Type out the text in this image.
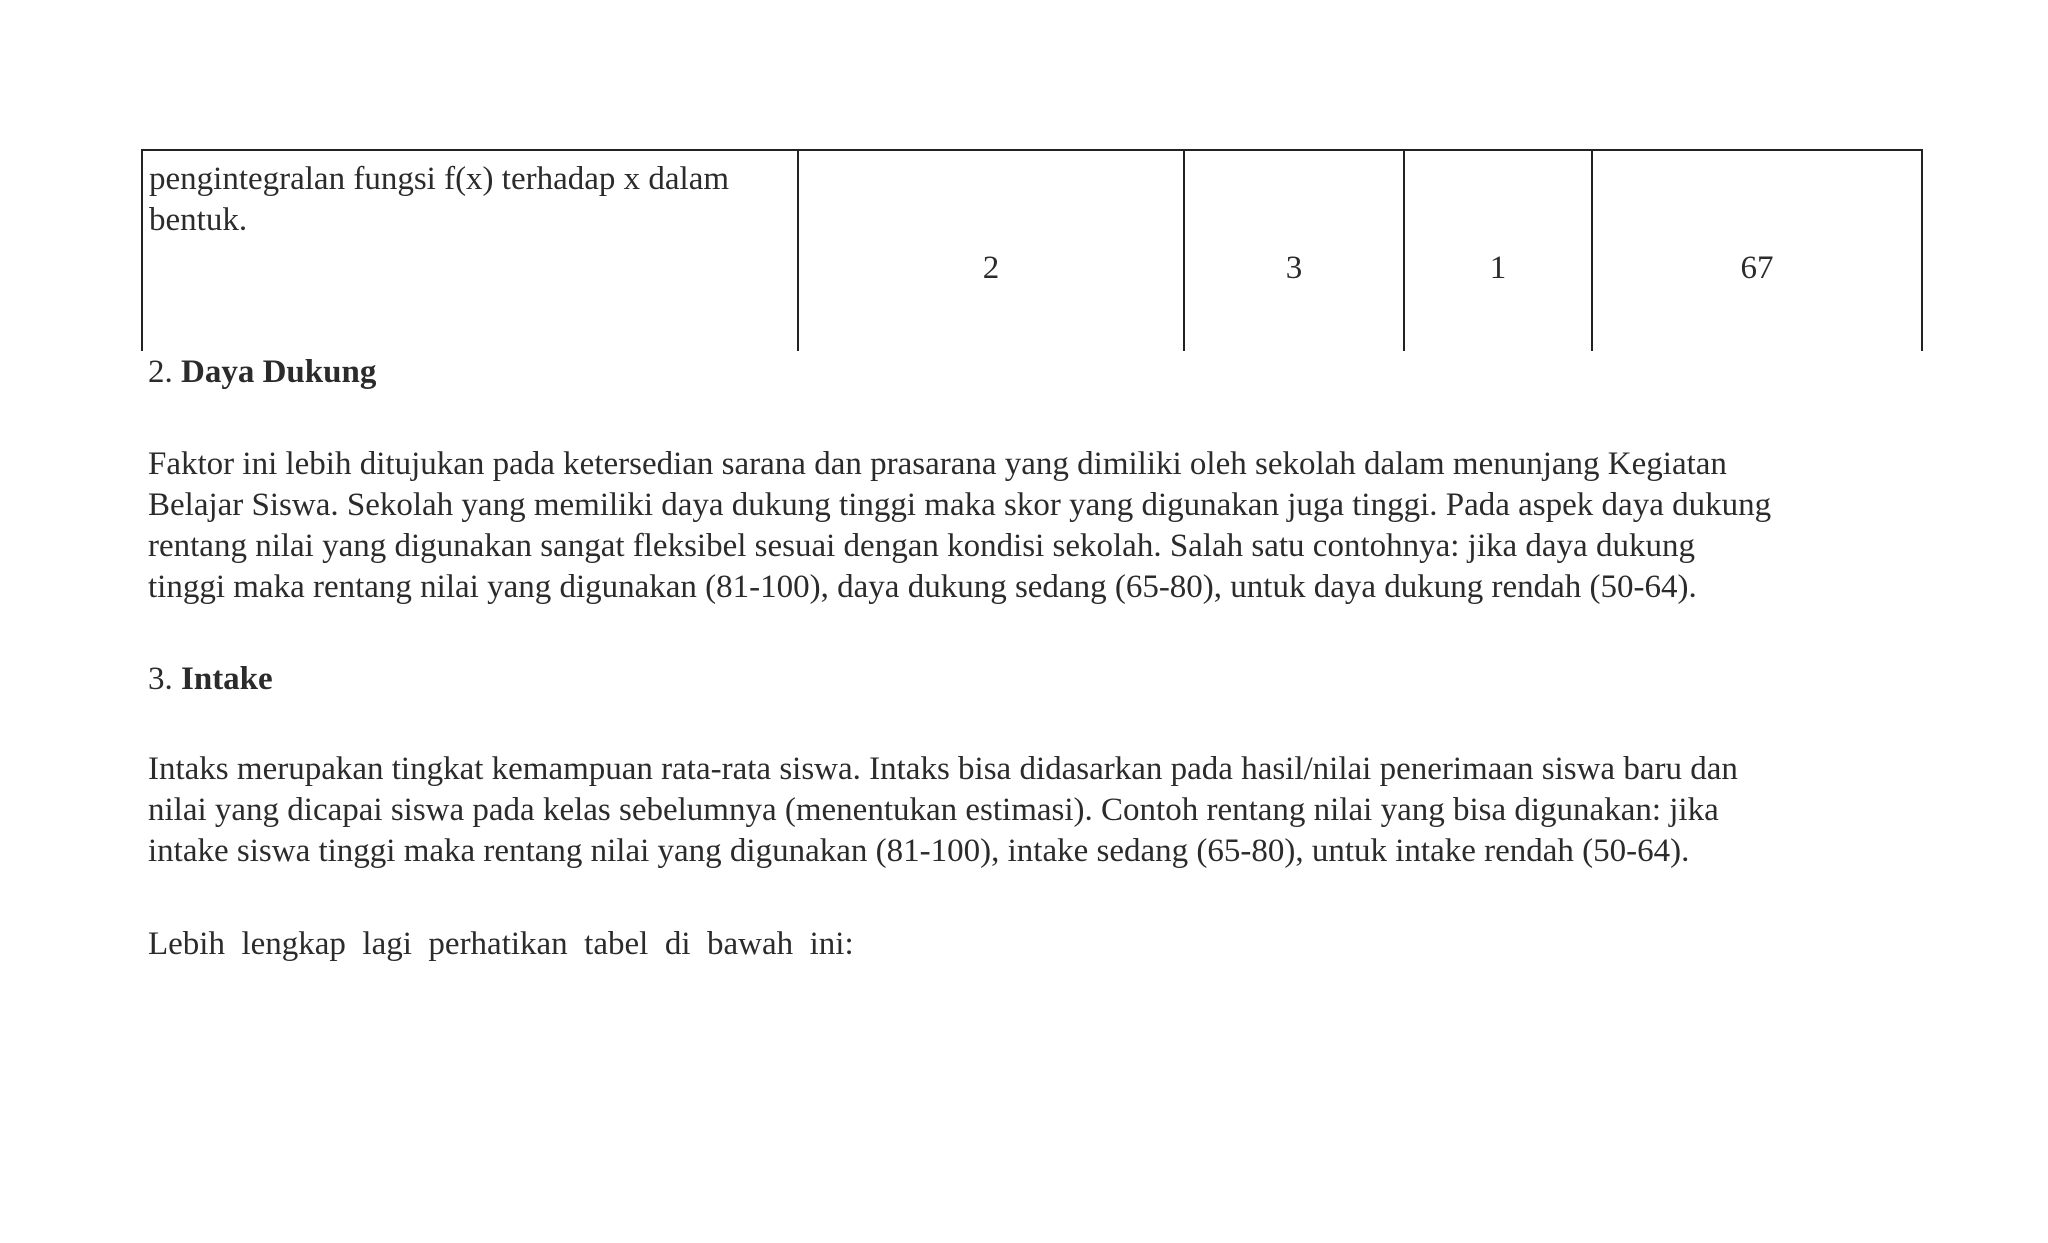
pengintegralan fungsi f(x) terhadap x dalam
bentuk.
	2	3	1	67
2. Daya Dukung
Faktor ini lebih ditujukan pada ketersedian sarana dan prasarana yang dimiliki oleh sekolah dalam menunjang Kegiatan
Belajar Siswa. Sekolah yang memiliki daya dukung tinggi maka skor yang digunakan juga tinggi. Pada aspek daya dukung
rentang nilai yang digunakan sangat fleksibel sesuai dengan kondisi sekolah. Salah satu contohnya: jika daya dukung
tinggi maka rentang nilai yang digunakan (81-100), daya dukung sedang (65-80), untuk daya dukung rendah (50-64).
3. Intake
Intaks merupakan tingkat kemampuan rata-rata siswa. Intaks bisa didasarkan pada hasil/nilai penerimaan siswa baru dan
nilai yang dicapai siswa pada kelas sebelumnya (menentukan estimasi). Contoh rentang nilai yang bisa digunakan: jika
intake siswa tinggi maka rentang nilai yang digunakan (81-100), intake sedang (65-80), untuk intake rendah (50-64).
Lebih  lengkap  lagi  perhatikan  tabel  di  bawah  ini:
